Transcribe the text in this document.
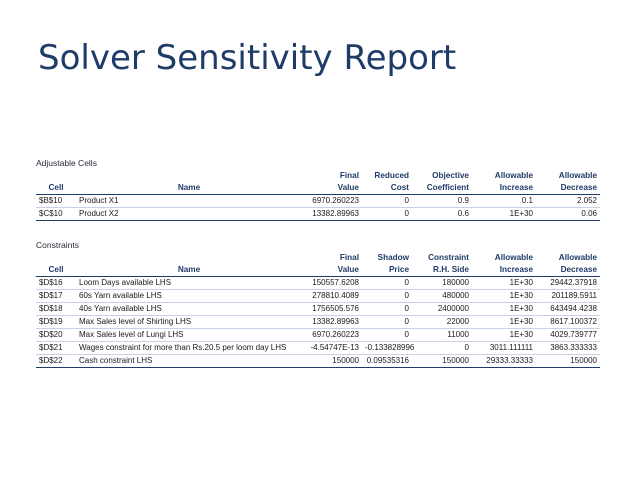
Solver Sensitivity Report
Adjustable Cells
		Final	Reduced	Objective	Allowable	Allowable
Cell	Name	Value	Cost	Coefficient	Increase	Decrease
$B$10	Product X1	6970.260223	0	0.9	0.1	2.052
$C$10	Product X2	13382.89963	0	0.6	1E+30	0.06
Constraints
		Final	Shadow	Constraint	Allowable	Allowable
Cell	Name	Value	Price	R.H. Side	Increase	Decrease
$D$16	Loom Days available LHS	150557.6208	0	180000	1E+30	29442.37918
$D$17	60s Yarn available LHS	278810.4089	0	480000	1E+30	201189.5911
$D$18	40s Yarn available LHS	1756505.576	0	2400000	1E+30	643494.4238
$D$19	Max Sales level of Shirting LHS	13382.89963	0	22000	1E+30	8617.100372
$D$20	Max Sales level of Lungi LHS	6970.260223	0	11000	1E+30	4029.739777
$D$21	Wages constraint for more than Rs.20.5 per loom day LHS	-4.54747E-13	-0.133828996	0	3011.111111	3863.333333
$D$22	Cash constraint LHS	150000	0.09535316	150000	29333.33333	150000
